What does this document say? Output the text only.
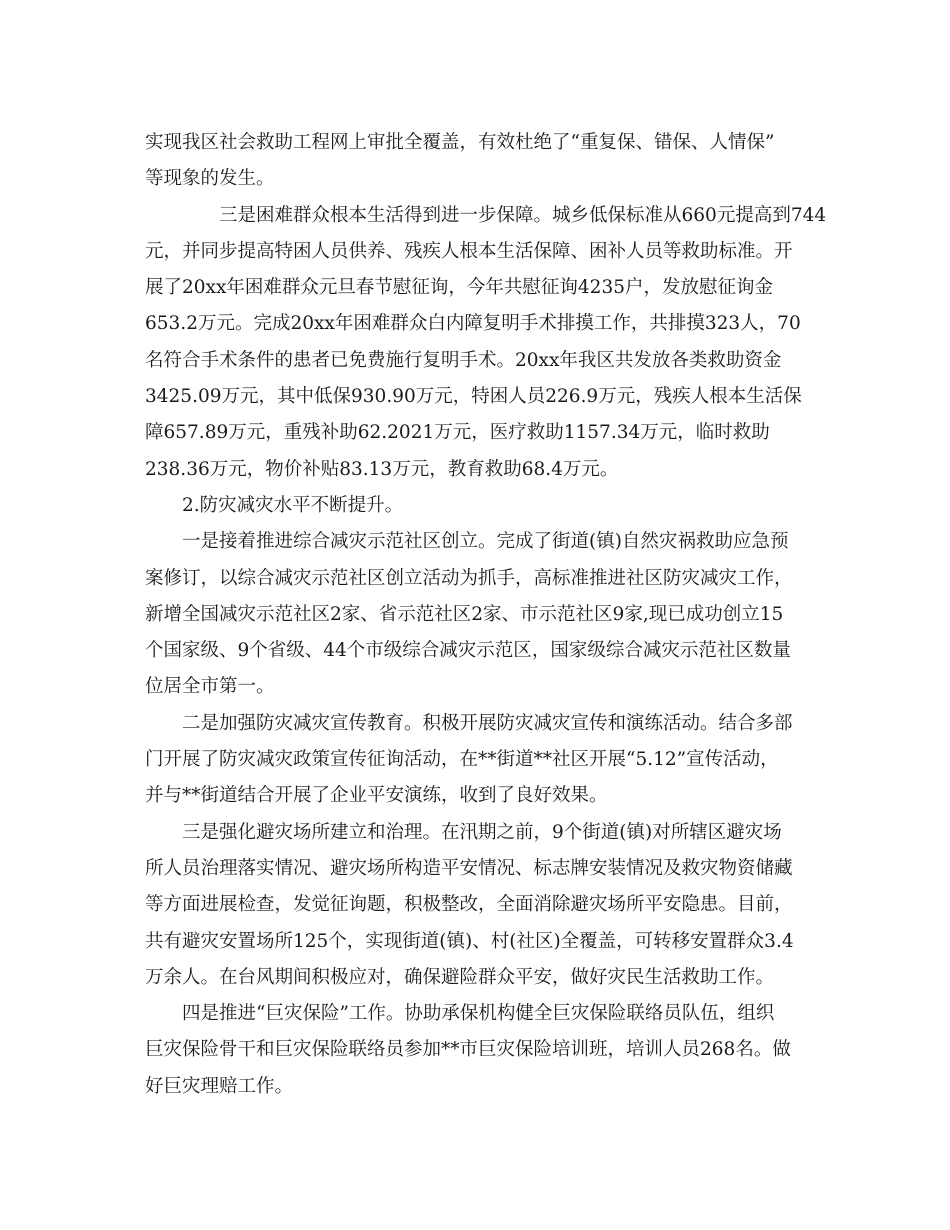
实现我区社会救助工程网上审批全覆盖，有效杜绝了“重复保、错保、人情保”
等现象的发生。

三是困难群众根本生活得到进一步保障。城乡低保标准从660元提高到744
元，并同步提高特困人员供养、残疾人根本生活保障、困补人员等救助标准。开
展了20xx年困难群众元旦春节慰征询，今年共慰征询4235户，发放慰征询金
653.2万元。完成20xx年困难群众白内障复明手术排摸工作，共排摸323人，70
名符合手术条件的患者已免费施行复明手术。20xx年我区共发放各类救助资金
3425.09万元，其中低保930.90万元，特困人员226.9万元，残疾人根本生活保
障657.89万元，重残补助62.2021万元，医疗救助1157.34万元，临时救助
238.36万元，物价补贴83.13万元，教育救助68.4万元。

2.防灾减灾水平不断提升。

一是接着推进综合减灾示范社区创立。完成了街道(镇)自然灾祸救助应急预
案修订，以综合减灾示范社区创立活动为抓手，高标准推进社区防灾减灾工作，
新增全国减灾示范社区2家、省示范社区2家、市示范社区9家,现已成功创立15
个国家级、9个省级、44个市级综合减灾示范区，国家级综合减灾示范社区数量
位居全市第一。

二是加强防灾减灾宣传教育。积极开展防灾减灾宣传和演练活动。结合多部
门开展了防灾减灾政策宣传征询活动，在**街道**社区开展“5.12”宣传活动，
并与**街道结合开展了企业平安演练，收到了良好效果。

三是强化避灾场所建立和治理。在汛期之前，9个街道(镇)对所辖区避灾场
所人员治理落实情况、避灾场所构造平安情况、标志牌安装情况及救灾物资储藏
等方面进展检查，发觉征询题，积极整改，全面消除避灾场所平安隐患。目前，
共有避灾安置场所125个，实现街道(镇)、村(社区)全覆盖，可转移安置群众3.4
万余人。在台风期间积极应对，确保避险群众平安，做好灾民生活救助工作。

四是推进“巨灾保险”工作。协助承保机构健全巨灾保险联络员队伍，组织
巨灾保险骨干和巨灾保险联络员参加**市巨灾保险培训班，培训人员268名。做
好巨灾理赔工作。
